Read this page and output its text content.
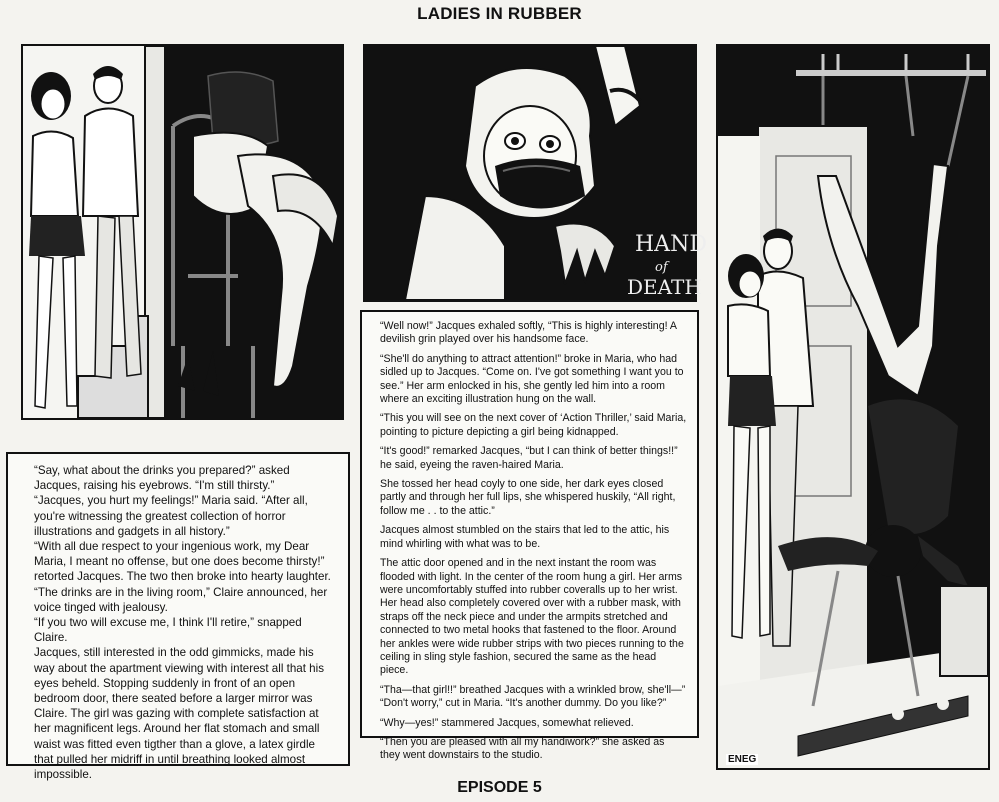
LADIES IN RUBBER
HAND
of
DEATH
ENEG

“Say, what about the drinks you prepared?” asked Jacques, raising his eyebrows. “I'm still thirsty.”

“Jacques, you hurt my feelings!” Maria said. “After all, you're witnessing the greatest collection of horror illustrations and gadgets in all history.”

“With all due respect to your ingenious work, my Dear Maria, I meant no offense, but one does become thirsty!” retorted Jacques. The two then broke into hearty laughter.

“The drinks are in the living room,” Claire announced, her voice tinged with jealousy.

“If you two will excuse me, I think I'll retire,” snapped Claire.

Jacques, still interested in the odd gimmicks, made his way about the apartment viewing with interest all that his eyes beheld. Stopping suddenly in front of an open bedroom door, there seated before a larger mirror was Claire. The girl was gazing with complete satisfaction at her magnificent legs. Around her flat stomach and small waist was fitted even tigther than a glove, a latex girdle that pulled her midriff in until breathing looked almost impossible.

“Well now!” Jacques exhaled softly, “This is highly interesting! A devilish grin played over his handsome face.

“She'll do anything to attract attention!” broke in Maria, who had sidled up to Jacques. “Come on. I've got something I want you to see.” Her arm enlocked in his, she gently led him into a room where an exciting illustration hung on the wall.

“This you will see on the next cover of ‘Action Thriller,’ said Maria, pointing to picture depicting a girl being kidnapped.

“It's good!” remarked Jacques, “but I can think of better things!!” he said, eyeing the raven-haired Maria.

She tossed her head coyly to one side, her dark eyes closed partly and through her full lips, she whispered huskily, “All right, follow me . . to the attic.”

Jacques almost stumbled on the stairs that led to the attic, his mind whirling with what was to be.

The attic door opened and in the next instant the room was flooded with light. In the center of the room hung a girl. Her arms were uncomfortably stuffed into rubber coveralls up to her wrist. Her head also completely covered over with a rubber mask, with straps off the neck piece and under the armpits stretched and connected to two metal hooks that fastened to the floor. Around her ankles were wide rubber strips with two pieces running to the ceiling in sling style fashion, secured the same as the head piece.

“Tha—that girl!!” breathed Jacques with a wrinkled brow, she'll—” “Don't worry,” cut in Maria. “It's another dummy. Do you like?”

“Why—yes!” stammered Jacques, somewhat relieved.

“Then you are pleased with all my handiwork?” she asked as they went downstairs to the studio.

EPISODE 5
